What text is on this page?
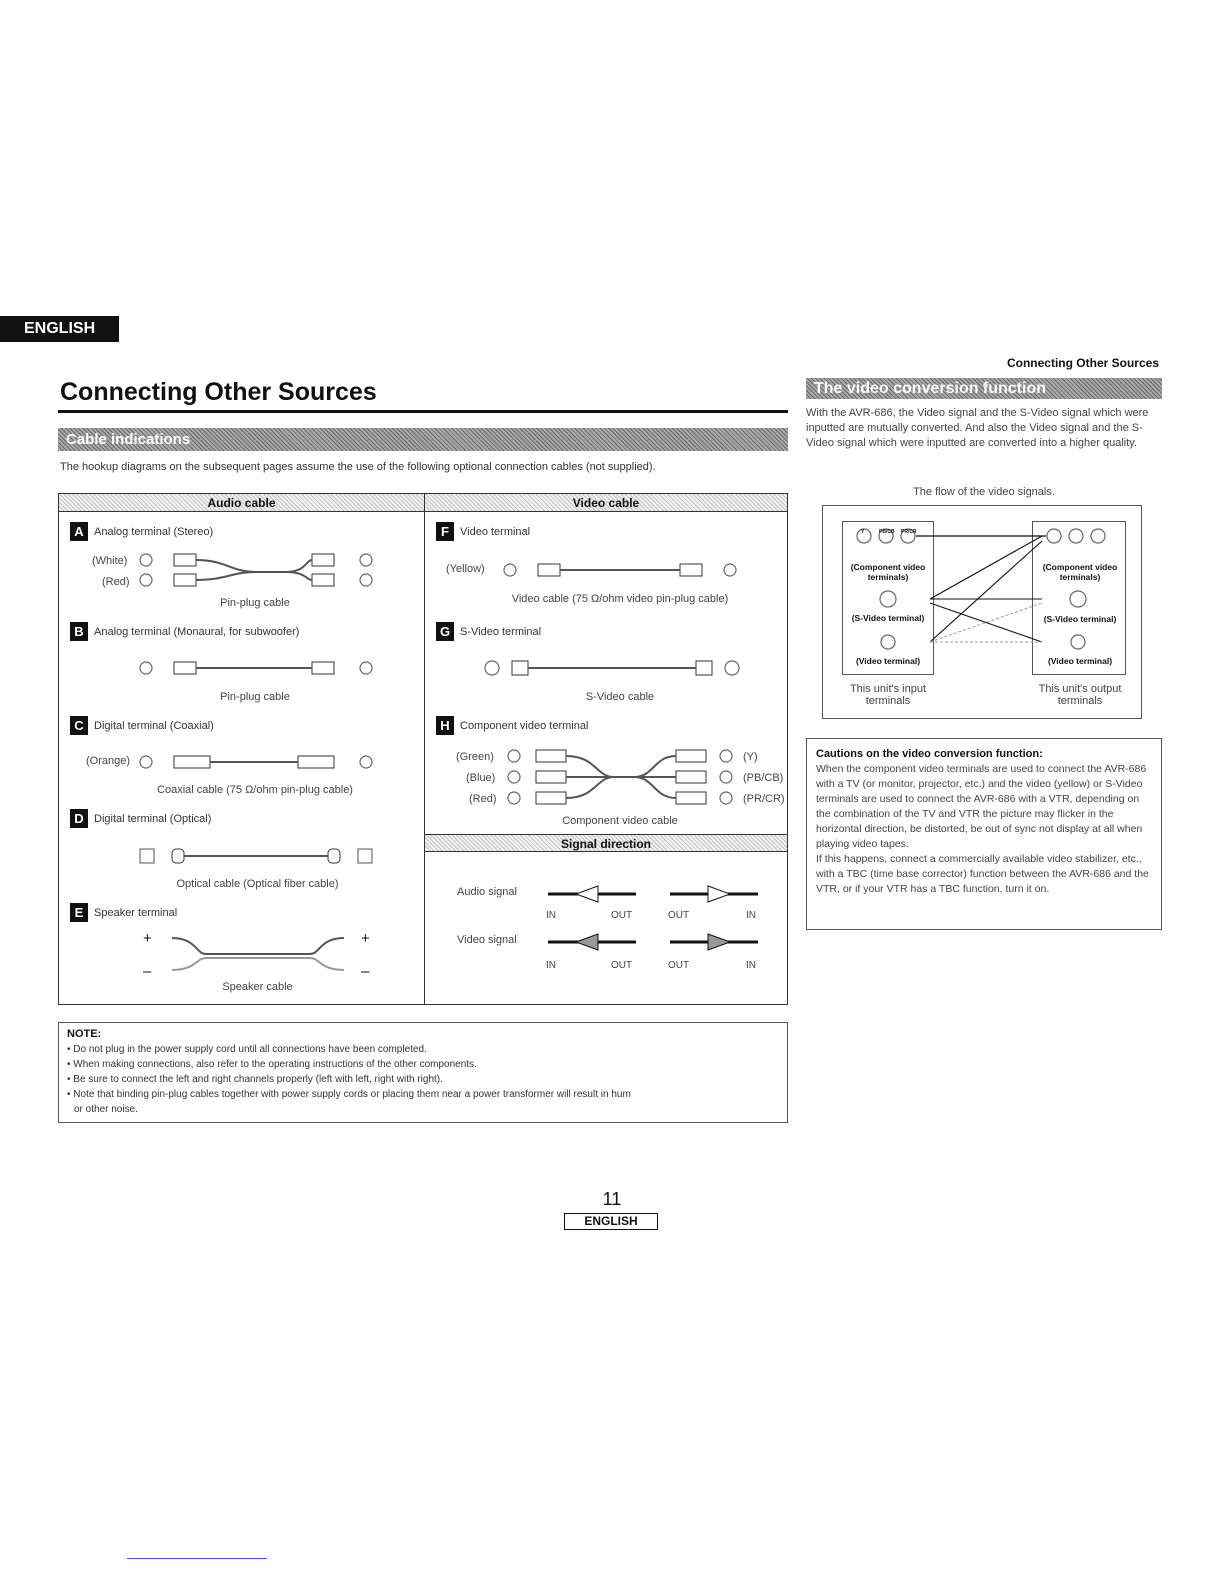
ENGLISH
Connecting Other Sources
Connecting Other Sources
Cable indications
The hookup diagrams on the subsequent pages assume the use of the following optional connection cables (not supplied).
Audio cable	Video cable
A Analog terminal (Stereo)
(White)
(Red)
Pin-plug cable
B Analog terminal (Monaural, for subwoofer)
Pin-plug cable
C Digital terminal (Coaxial)
(Orange)
Coaxial cable (75 Ω/ohm pin-plug cable)
D Digital terminal (Optical)
Optical cable (Optical fiber cable)
E Speaker terminal
+
–
+
–
Speaker cable
F	Video terminal
(Yellow)
Video cable (75 Ω/ohm video pin-plug cable)
G S-Video terminal
S-Video cable
H Component video terminal
(Green)
(Blue)
(Red)
(Y)
(PB/CB)
(PR/CR)
Component video cable
Signal direction
Audio signal
Video signal
IN	OUT	OUT	IN
IN	OUT	OUT	IN
NOTE:
• Do not plug in the power supply cord until all connections have been completed.
• When making connections, also refer to the operating instructions of the other components.
• Be sure to connect the left and right channels properly (left with left, right with right).
• Note that binding pin-plug cables together with power supply cords or placing them near a power transformer will result in hum
or other noise.
The video conversion function
With the AVR-686, the Video signal and the S-Video signal which were inputted are mutually converted. And also the Video signal and the S-Video signal which were inputted are converted into a higher quality.
The flow of the video signals.
Y	PB/CB PR/CR
(Component video terminals)
(S-Video terminal)
(Video terminal)
(Component video terminals)
(S-Video terminal)
(Video terminal)
This unit's input terminals
This unit's output terminals
Cautions on the video conversion function:
When the component video terminals are used to connect the AVR-686 with a TV (or monitor, projector, etc.) and the video (yellow) or S-Video terminals are used to connect the AVR-686 with a VTR, depending on the combination of the TV and VTR the picture may flicker in the horizontal direction, be distorted, be out of sync not display at all when playing video tapes.
If this happens, connect a commercially available video stabilizer, etc., with a TBC (time base corrector) function between the AVR-686 and the VTR, or if your VTR has a TBC function, turn it on.
11
ENGLISH
